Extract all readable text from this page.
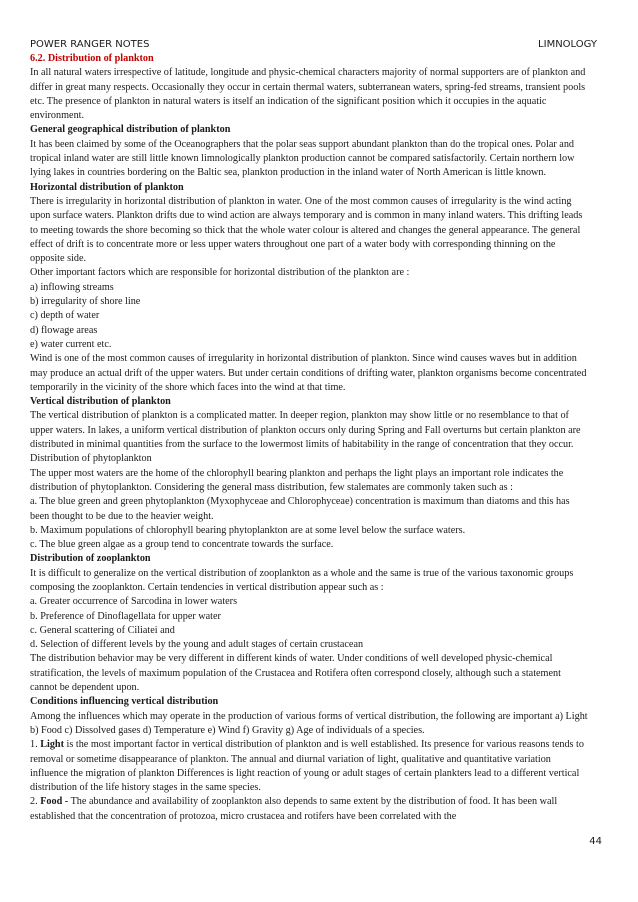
POWER RANGER NOTES	LIMNOLOGY

6.2. Distribution of plankton

In all natural waters irrespective of latitude, longitude and physic-chemical characters majority of normal supporters are of plankton and differ in great many respects. Occasionally they occur in certain thermal waters, subterranean waters, spring-fed streams, transient pools etc. The presence of plankton in natural waters is itself an indication of the significant position which it occupies in the aquatic environment.

General geographical distribution of plankton

It has been claimed by some of the Oceanographers that the polar seas support abundant plankton than do the tropical ones. Polar and tropical inland water are still little known limnologically plankton production cannot be compared satisfactorily. Certain northern low lying lakes in countries bordering on the Baltic sea, plankton production in the inland water of North American is little known.

Horizontal distribution of plankton

There is irregularity in horizontal distribution of plankton in water. One of the most common causes of irregularity is the wind acting upon surface waters. Plankton drifts due to wind action are always temporary and is common in many inland waters. This drifting leads to meeting towards the shore becoming so thick that the whole water colour is altered and changes the general appearance. The general effect of drift is to concentrate more or less upper waters throughout one part of a water body with corresponding thinning on the opposite side.

Other important factors which are responsible for horizontal distribution of the plankton are :

a) inflowing streams

b) irregularity of shore line

c) depth of water

d) flowage areas

e) water current etc.

Wind is one of the most common causes of irregularity in horizontal distribution of plankton. Since wind causes waves but in addition may produce an actual drift of the upper waters. But under certain conditions of drifting water, plankton organisms become concentrated temporarily in the vicinity of the shore which faces into the wind at that time.

Vertical distribution of plankton

The vertical distribution of plankton is a complicated matter. In deeper region, plankton may show little or no resemblance to that of upper waters. In lakes, a uniform vertical distribution of plankton occurs only during Spring and Fall overturns but certain plankton are distributed in minimal quantities from the surface to the lowermost limits of habitability in the range of concentration that they occur.

Distribution of phytoplankton

The upper most waters are the home of the chlorophyll bearing plankton and perhaps the light plays an important role indicates the distribution of phytoplankton. Considering the general mass distribution, few stalemates are commonly taken such as :

a. The blue green and green phytoplankton (Myxophyceae and Chlorophyceae) concentration is maximum than diatoms and this has been thought to be due to the heavier weight.

b. Maximum populations of chlorophyll bearing phytoplankton are at some level below the surface waters.

c. The blue green algae as a group tend to concentrate towards the surface.

Distribution of zooplankton

It is difficult to generalize on the vertical distribution of zooplankton as a whole and the same is true of the various taxonomic groups composing the zooplankton. Certain tendencies in vertical distribution appear such as :

a. Greater occurrence of Sarcodina in lower waters

b. Preference of Dinoflagellata for upper water

c. General scattering of Ciliatei and

d. Selection of different levels by the young and adult stages of certain crustacean

The distribution behavior may be very different in different kinds of water. Under conditions of well developed physic-chemical stratification, the levels of maximum population of the Crustacea and Rotifera often correspond closely, although such a statement cannot be dependent upon.

Conditions influencing vertical distribution

Among the influences which may operate in the production of various forms of vertical distribution, the following are important a) Light b) Food c) Dissolved gases d) Temperature e) Wind f) Gravity g) Age of individuals of a species.

1. Light is the most important factor in vertical distribution of plankton and is well established. Its presence for various reasons tends to removal or sometime disappearance of plankton. The annual and diurnal variation of light, qualitative and quantitative variation influence the migration of plankton Differences is light reaction of young or adult stages of certain plankters lead to a different vertical distribution of the life history stages in the same species.

2. Food - The abundance and availability of zooplankton also depends to same extent by the distribution of food. It has been wall established that the concentration of protozoa, micro crustacea and rotifers have been correlated with the

44
